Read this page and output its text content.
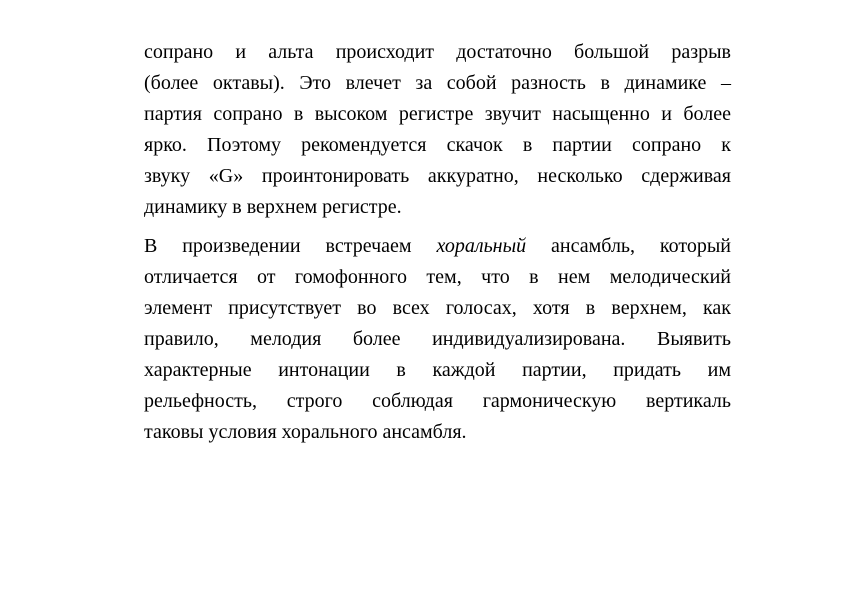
сопрано и альта происходит достаточно большой разрыв
(более октавы). Это влечет за собой разность в динамике –
партия сопрано в высоком регистре звучит насыщенно и более
ярко. Поэтому рекомендуется скачок в партии сопрано к
звуку «G» проинтонировать аккуратно, несколько сдерживая
динамику в верхнем регистре.
В произведении встречаем хоральный ансамбль, который
отличается от гомофонного тем, что в нем мелодический
элемент присутствует во всех голосах, хотя в верхнем, как
правило, мелодия более индивидуализирована. Выявить
характерные интонации в каждой партии, придать им
рельефность, строго соблюдая гармоническую вертикаль
таковы условия хорального ансамбля.
